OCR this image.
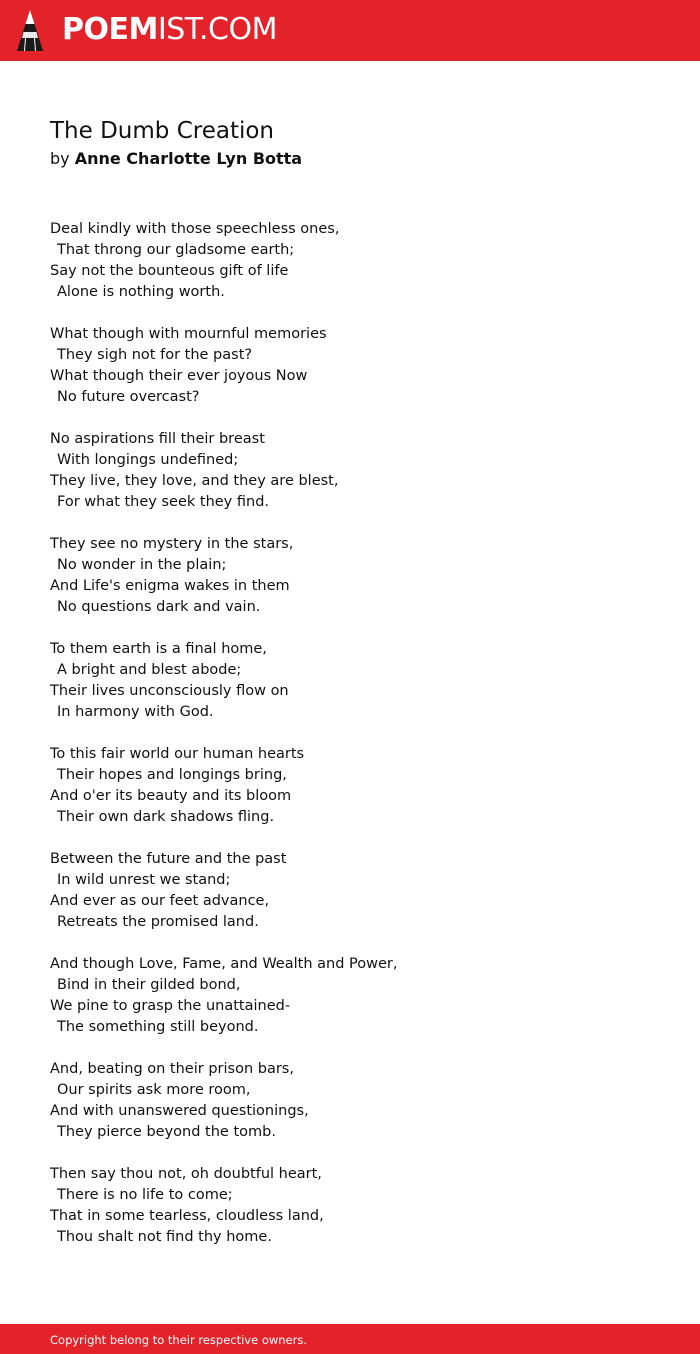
POEMIST.COM
The Dumb Creation
by Anne Charlotte Lyn Botta
Deal kindly with those speechless ones,
That throng our gladsome earth;
Say not the bounteous gift of life
Alone is nothing worth.
What though with mournful memories
They sigh not for the past?
What though their ever joyous Now
No future overcast?
No aspirations fill their breast
With longings undefined;
They live, they love, and they are blest,
For what they seek they find.
They see no mystery in the stars,
No wonder in the plain;
And Life's enigma wakes in them
No questions dark and vain.
To them earth is a final home,
A bright and blest abode;
Their lives unconsciously flow on
In harmony with God.
To this fair world our human hearts
Their hopes and longings bring,
And o'er its beauty and its bloom
Their own dark shadows fling.
Between the future and the past
In wild unrest we stand;
And ever as our feet advance,
Retreats the promised land.
And though Love, Fame, and Wealth and Power,
Bind in their gilded bond,
We pine to grasp the unattained-
The something still beyond.
And, beating on their prison bars,
Our spirits ask more room,
And with unanswered questionings,
They pierce beyond the tomb.
Then say thou not, oh doubtful heart,
There is no life to come;
That in some tearless, cloudless land,
Thou shalt not find thy home.
Copyright belong to their respective owners.
